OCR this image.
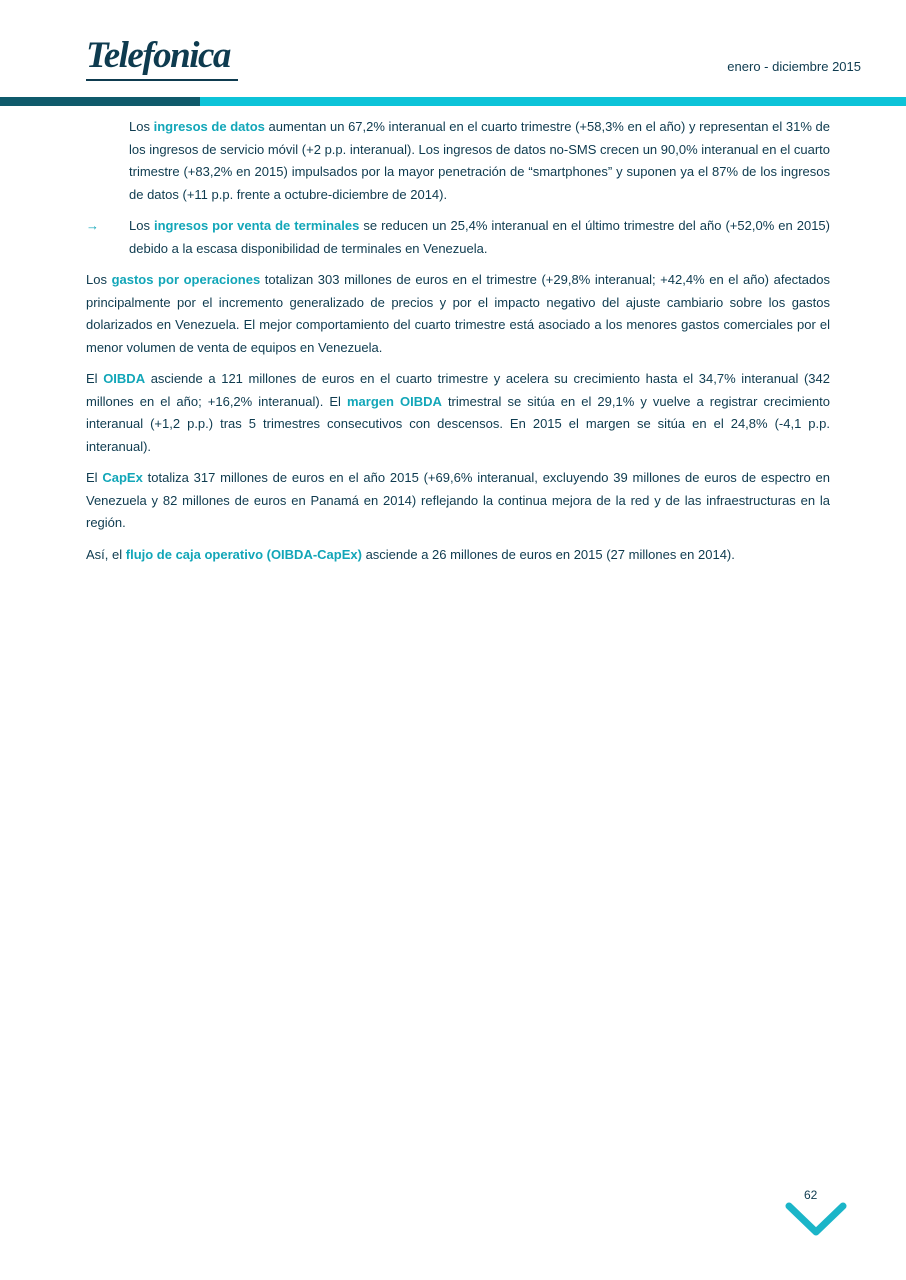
Telefonica	enero - diciembre 2015

Los ingresos de datos aumentan un 67,2% interanual en el cuarto trimestre (+58,3% en el año) y representan el 31% de los ingresos de servicio móvil (+2 p.p. interanual). Los ingresos de datos no-SMS crecen un 90,0% interanual en el cuarto trimestre (+83,2% en 2015) impulsados por la mayor penetración de “smartphones” y suponen ya el 87% de los ingresos de datos (+11 p.p. frente a octubre-diciembre de 2014).

→ Los ingresos por venta de terminales se reducen un 25,4% interanual en el último trimestre del año (+52,0% en 2015) debido a la escasa disponibilidad de terminales en Venezuela.

Los gastos por operaciones totalizan 303 millones de euros en el trimestre (+29,8% interanual; +42,4% en el año) afectados principalmente por el incremento generalizado de precios y por el impacto negativo del ajuste cambiario sobre los gastos dolarizados en Venezuela. El mejor comportamiento del cuarto trimestre está asociado a los menores gastos comerciales por el menor volumen de venta de equipos en Venezuela.

El OIBDA asciende a 121 millones de euros en el cuarto trimestre y acelera su crecimiento hasta el 34,7% interanual (342 millones en el año; +16,2% interanual). El margen OIBDA trimestral se sitúa en el 29,1% y vuelve a registrar crecimiento interanual (+1,2 p.p.) tras 5 trimestres consecutivos con descensos. En 2015 el margen se sitúa en el 24,8% (-4,1 p.p. interanual).

El CapEx totaliza 317 millones de euros en el año 2015 (+69,6% interanual, excluyendo 39 millones de euros de espectro en Venezuela y 82 millones de euros en Panamá en 2014) reflejando la continua mejora de la red y de las infraestructuras en la región.

Así, el flujo de caja operativo (OIBDA-CapEx) asciende a 26 millones de euros en 2015 (27 millones en 2014).

62
